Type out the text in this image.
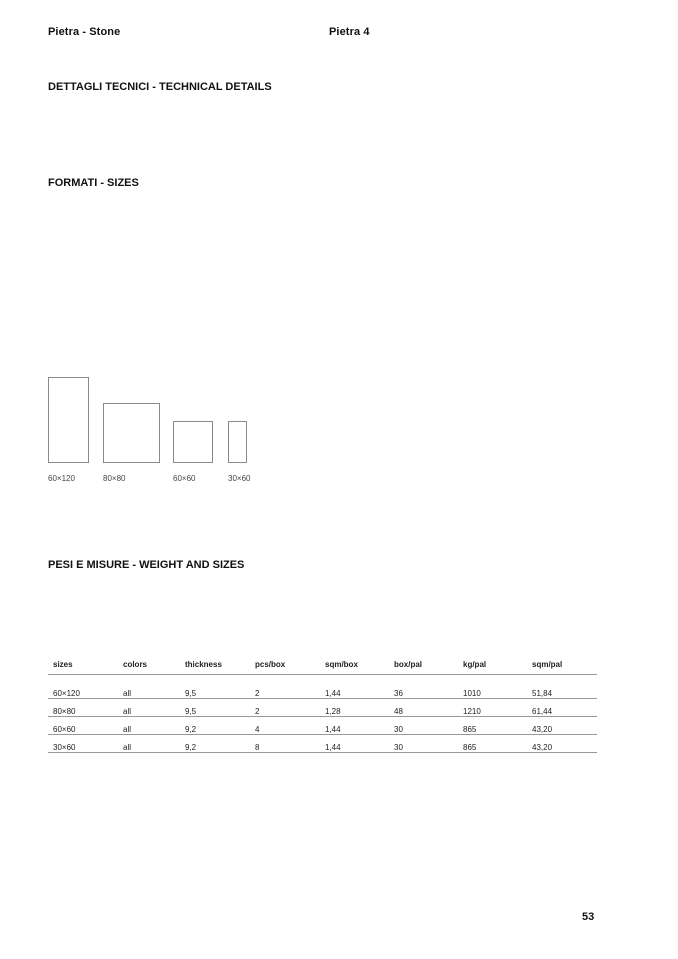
Pietra - Stone	Pietra 4
DETTAGLI TECNICI - TECHNICAL DETAILS
FORMATI - SIZES
60×120	80×80	60×60	30×60
PESI E MISURE - WEIGHT AND SIZES
sizes	colors	thickness	pcs/box	sqm/box	box/pal	kg/pal	sqm/pal
60×120	all	9,5	2	1,44	36	1010	51,84
80×80	all	9,5	2	1,28	48	1210	61,44
60×60	all	9,2	4	1,44	30	865	43,20
30×60	all	9,2	8	1,44	30	865	43,20
53
